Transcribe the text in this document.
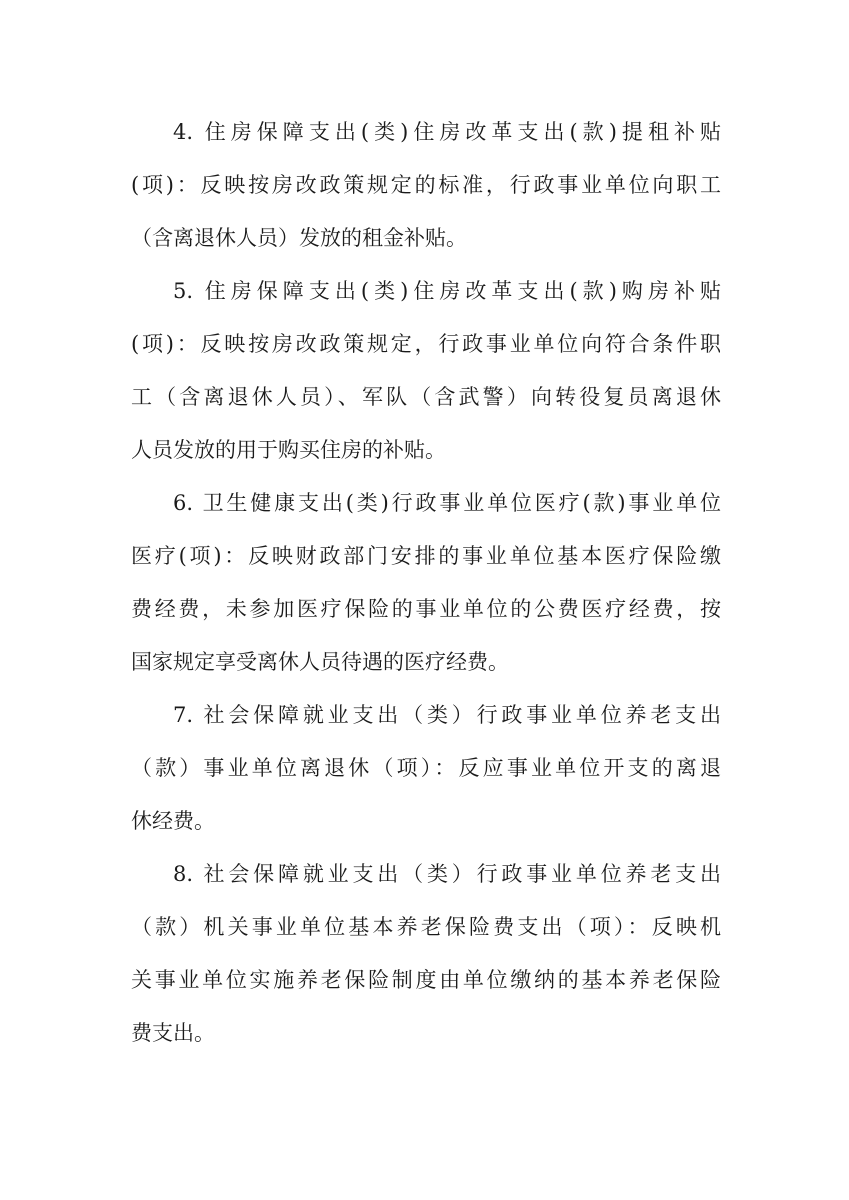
4. 住房保障支出(类)住房改革支出(款)提租补贴
(项)：反映按房改政策规定的标准，行政事业单位向职工
（含离退休人员）发放的租金补贴。
5. 住房保障支出(类)住房改革支出(款)购房补贴
(项)：反映按房改政策规定，行政事业单位向符合条件职
工（含离退休人员）、军队（含武警）向转役复员离退休
人员发放的用于购买住房的补贴。
6. 卫生健康支出(类)行政事业单位医疗(款)事业单位
医疗(项)：反映财政部门安排的事业单位基本医疗保险缴
费经费，未参加医疗保险的事业单位的公费医疗经费，按
国家规定享受离休人员待遇的医疗经费。
7. 社会保障就业支出（类）行政事业单位养老支出
（款）事业单位离退休（项）：反应事业单位开支的离退
休经费。
8. 社会保障就业支出（类）行政事业单位养老支出
（款）机关事业单位基本养老保险费支出（项）：反映机
关事业单位实施养老保险制度由单位缴纳的基本养老保险
费支出。
